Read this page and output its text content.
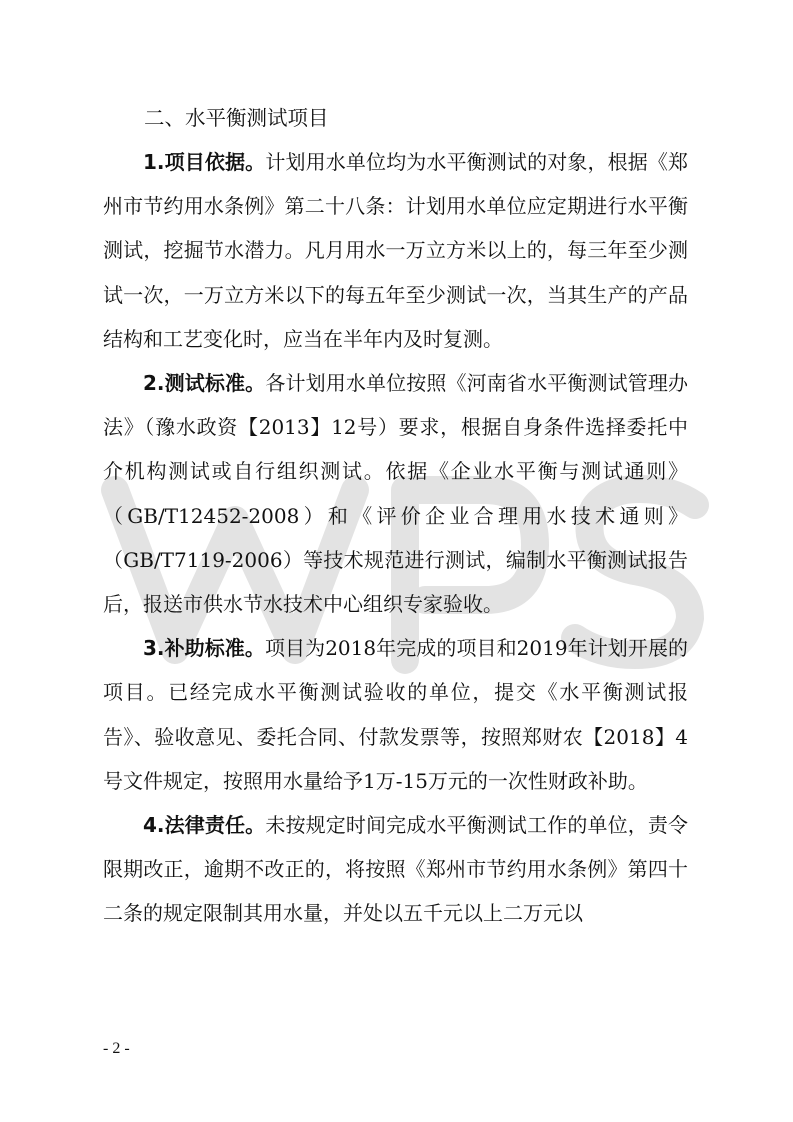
二、水平衡测试项目

1.项目依据。计划用水单位均为水平衡测试的对象，根据《郑州市节约用水条例》第二十八条：计划用水单位应定期进行水平衡测试，挖掘节水潜力。凡月用水一万立方米以上的，每三年至少测试一次，一万立方米以下的每五年至少测试一次，当其生产的产品结构和工艺变化时，应当在半年内及时复测。

2.测试标准。各计划用水单位按照《河南省水平衡测试管理办法》（豫水政资【2013】12号）要求，根据自身条件选择委托中介机构测试或自行组织测试。依据《企业水平衡与测试通则》（GB/T12452-2008）和《评价企业合理用水技术通则》（GB/T7119-2006）等技术规范进行测试，编制水平衡测试报告后，报送市供水节水技术中心组织专家验收。

3.补助标准。项目为2018年完成的项目和2019年计划开展的项目。已经完成水平衡测试验收的单位，提交《水平衡测试报告》、验收意见、委托合同、付款发票等，按照郑财农【2018】4号文件规定，按照用水量给予1万-15万元的一次性财政补助。

4.法律责任。未按规定时间完成水平衡测试工作的单位，责令限期改正，逾期不改正的，将按照《郑州市节约用水条例》第四十二条的规定限制其用水量，并处以五千元以上二万元以

- 2 -
